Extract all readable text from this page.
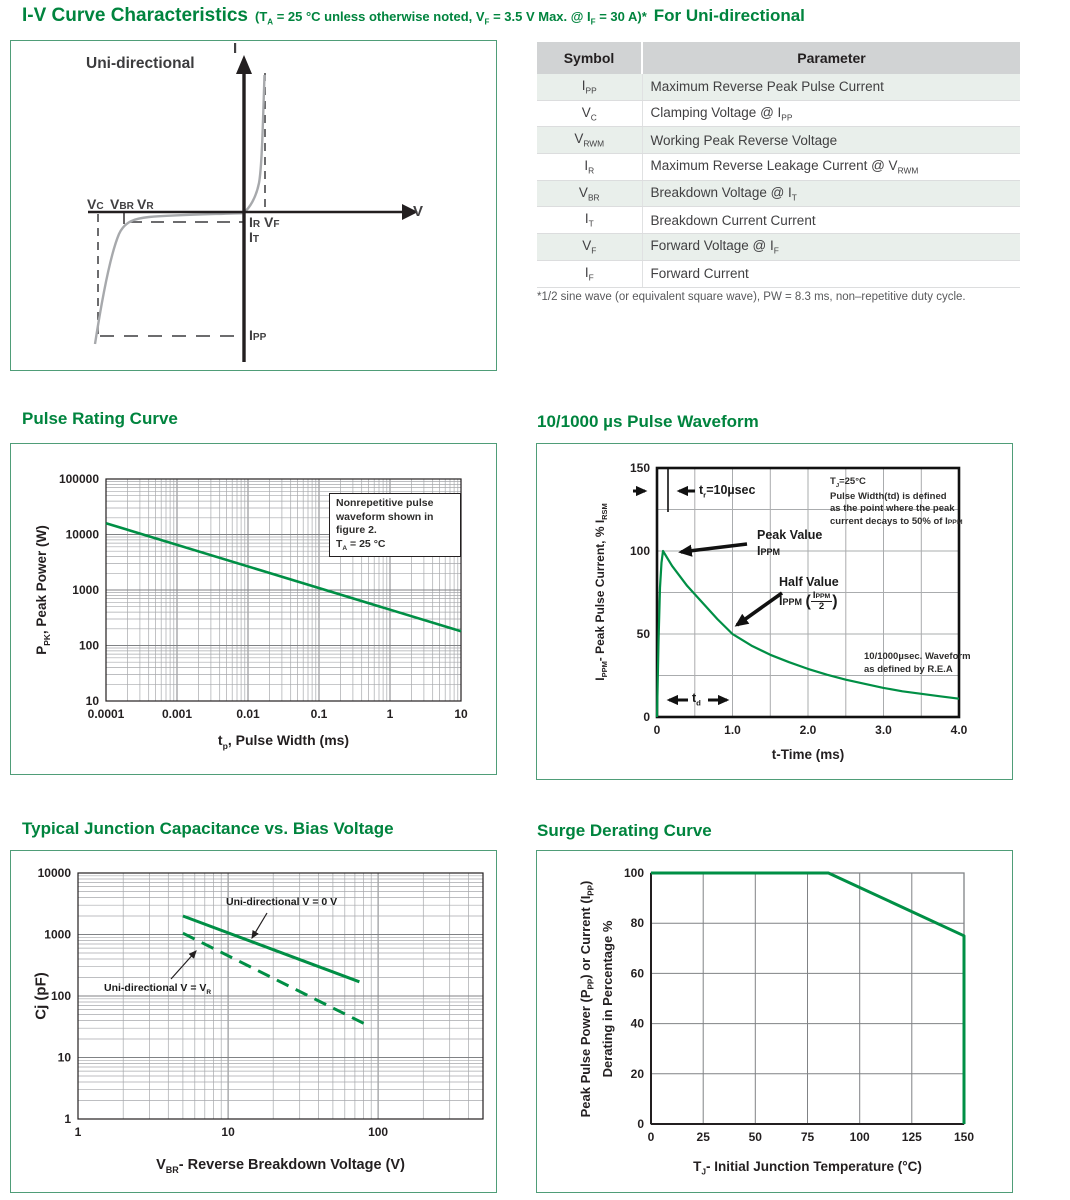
I-V Curve Characteristics ($T_A = 25$ °C unless otherwise noted, $V_F = 3.5$ V Max. @ $I_F = 30$ A)* For Uni-directional
Uni-directional
I
V
VC VBR VR
IR VF
IT
IPP
Symbol	Parameter
$I_{PP}$	Maximum Reverse Peak Pulse Current
$V_C$	Clamping Voltage @ $I_{PP}$
$V_{RWM}$	Working Peak Reverse Voltage
$I_R$	Maximum Reverse Leakage Current @ $V_{RWM}$
$V_{BR}$	Breakdown Voltage @ $I_T$
$I_T$	Breakdown Current Current
$V_F$	Forward Voltage @ $I_F$
$I_F$	Forward Current
*1/2 sine wave (or equivalent square wave), PW = 8.3 ms, non–repetitive duty cycle.
Pulse Rating Curve
0.0001	0.001	0.01	0.1	1	10
10
100
1000
10000
100000
Nonrepetitive pulse
waveform shown in
figure 2.
$T_A = 25$ °C
$P_{PK}$, Peak Power (W)
$t_p$, Pulse Width (ms)
10/1000 µs Pulse Waveform
0	1.0	2.0	3.0	4.0
0
50
100
150
$t_r=10\mu\sec$
$T_J=25^\circ C$
Pulse Width(td) is defined
as the point where the peak
current decays to 50% of IPPM
Peak Value
IPPM
Half Value
IPPM ( $\frac{\text{IPPM}}{2}$ )
10/1000µsec. Waveform
as defined by R.E.A
$t_d$
$I_{PPM}-$ Peak Pulse Current, % $I_{RSM}$
t-Time (ms)
Typical Junction Capacitance vs. Bias Voltage
1	10	100
1
10
100
1000
10000
Uni-directional V = 0 V
Uni-directional $V = V_R$
Cj (pF)
$V_{BR}-$ Reverse Breakdown Voltage (V)
Surge Derating Curve
0	25	50	75	100	125	150
0
20
40
60
80
100
Peak Pulse Power $(P_{PP})$ or Current $(I_{PP})$
Derating in Percentage %
$T_J-$ Initial Junction Temperature (°C)
